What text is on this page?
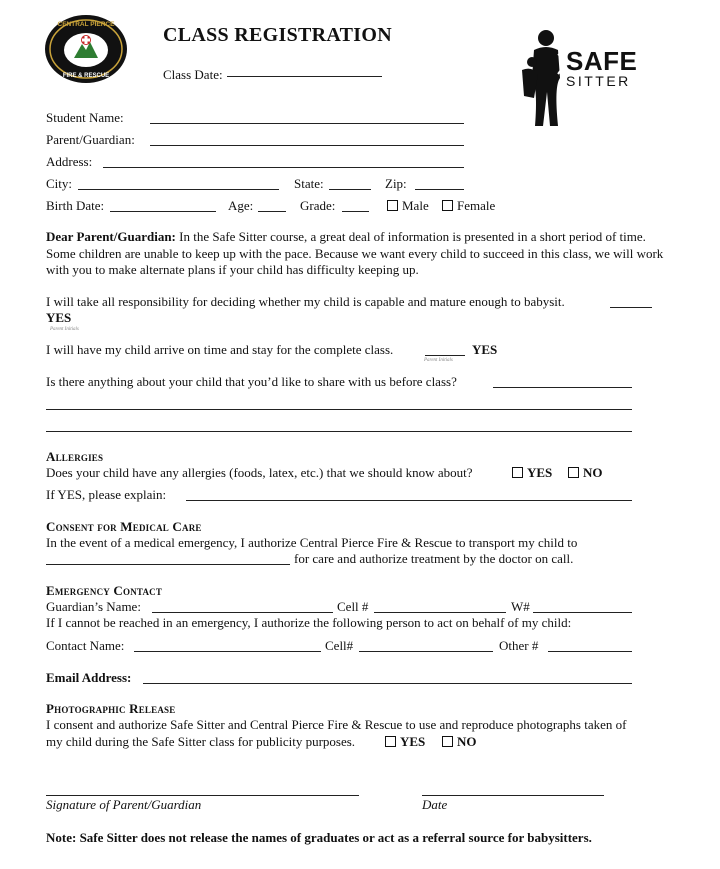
CENTRAL PIERCE
FIRE & RESCUE
CLASS REGISTRATION
Class Date:	SAFE
SITTER
Student Name:
Parent/Guardian:
Address:
City:	State:	Zip:
Birth Date:	Age:	Grade:	Male	Female
Dear Parent/Guardian: In the Safe Sitter course, a great deal of information is presented in a short period of time. Some children are unable to keep up with the pace. Because we want every child to succeed in this class, we will work with you to make alternate plans if your child has difficulty keeping up.
I will take all responsibility for deciding whether my child is capable and mature enough to babysit.
YES
Parent Initials
I will have my child arrive on time and stay for the complete class.	YES
Parent Initials
Is there anything about your child that you’d like to share with us before class?
Allergies
Does your child have any allergies (foods, latex, etc.) that we should know about?	YES	NO
If YES, please explain:
Consent for Medical Care
In the event of a medical emergency, I authorize Central Pierce Fire & Rescue to transport my child to
for care and authorize treatment by the doctor on call.
Emergency Contact
Guardian’s Name:	Cell #	W#
If I cannot be reached in an emergency, I authorize the following person to act on behalf of my child:
Contact Name:	Cell#	Other #
Email Address:
Photographic Release
I consent and authorize Safe Sitter and Central Pierce Fire & Rescue to use and reproduce photographs taken of
my child during the Safe Sitter class for publicity purposes.	YES	NO
Signature of Parent/Guardian	Date
Note: Safe Sitter does not release the names of graduates or act as a referral source for babysitters.
